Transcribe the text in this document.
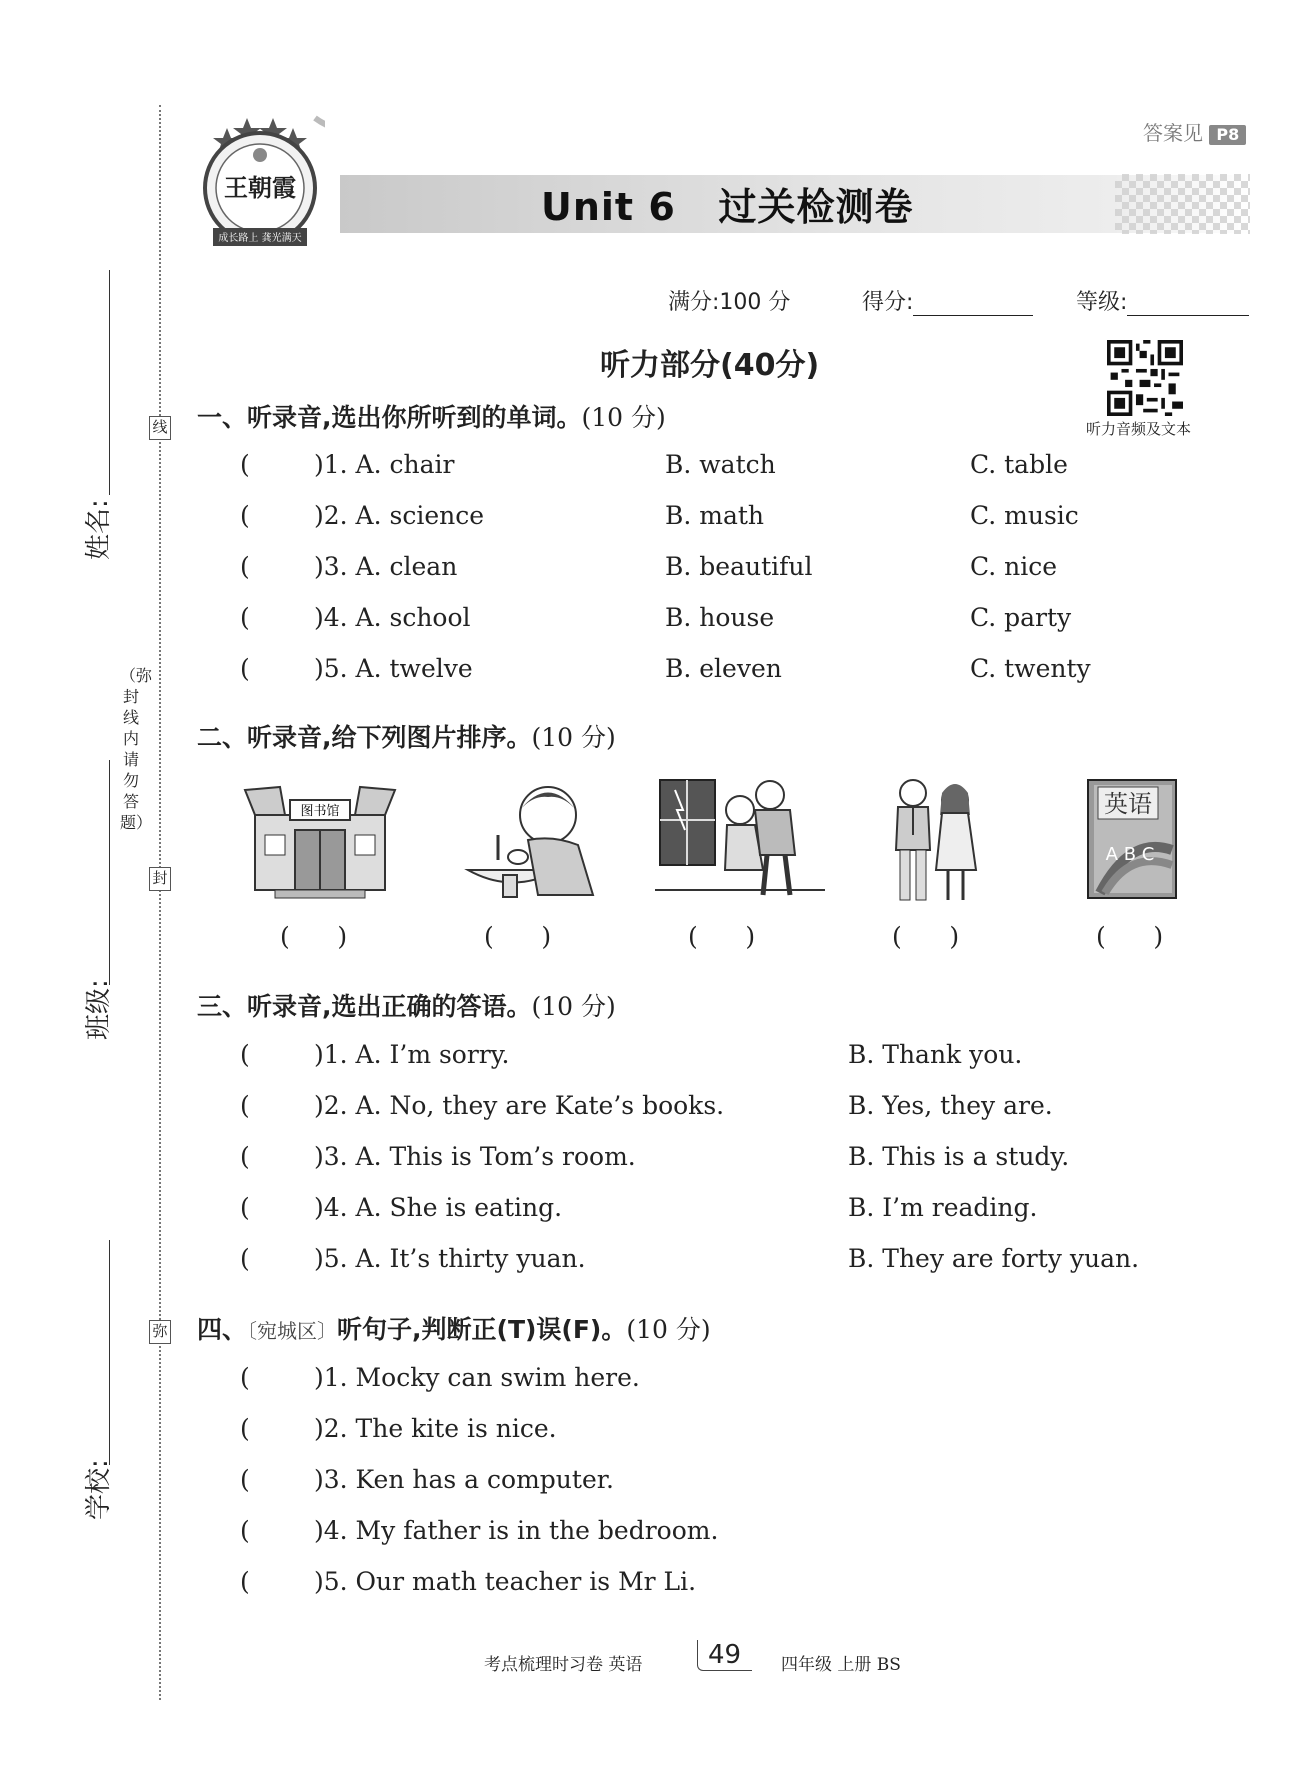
线
封
弥
（弥封线内请勿答题）
姓名:
班级:
学校:
答案见 P8
Unit 6   过关检测卷
王朝霞
成长路上 龚光满天
满分:100 分	得分:	等级:
听力部分(40分)
听力音频及文本
一、听录音,选出你所听到的单词。(10 分)
(	)1. A. chair	B. watch	C. table
(	)2. A. science	B. math	C. music
(	)3. A. clean	B. beautiful	C. nice
(	)4. A. school	B. house	C. party
(	)5. A. twelve	B. eleven	C. twenty
二、听录音,给下列图片排序。(10 分)
图书馆	英语
A B C
(      )	(      )	(      )	(      )	(      )
三、听录音,选出正确的答语。(10 分)
(	)1. A. I’m sorry.	B. Thank you.
(	)2. A. No, they are Kate’s books.	B. Yes, they are.
(	)3. A. This is Tom’s room.	B. This is a study.
(	)4. A. She is eating.	B. I’m reading.
(	)5. A. It’s thirty yuan.	B. They are forty yuan.
四、〔宛城区〕听句子,判断正(T)误(F)。(10 分)
(	)1. Mocky can swim here.
(	)2. The kite is nice.
(	)3. Ken has a computer.
(	)4. My father is in the bedroom.
(	)5. Our math teacher is Mr Li.
考点梳理时习卷 英语	49 四年级 上册 BS
